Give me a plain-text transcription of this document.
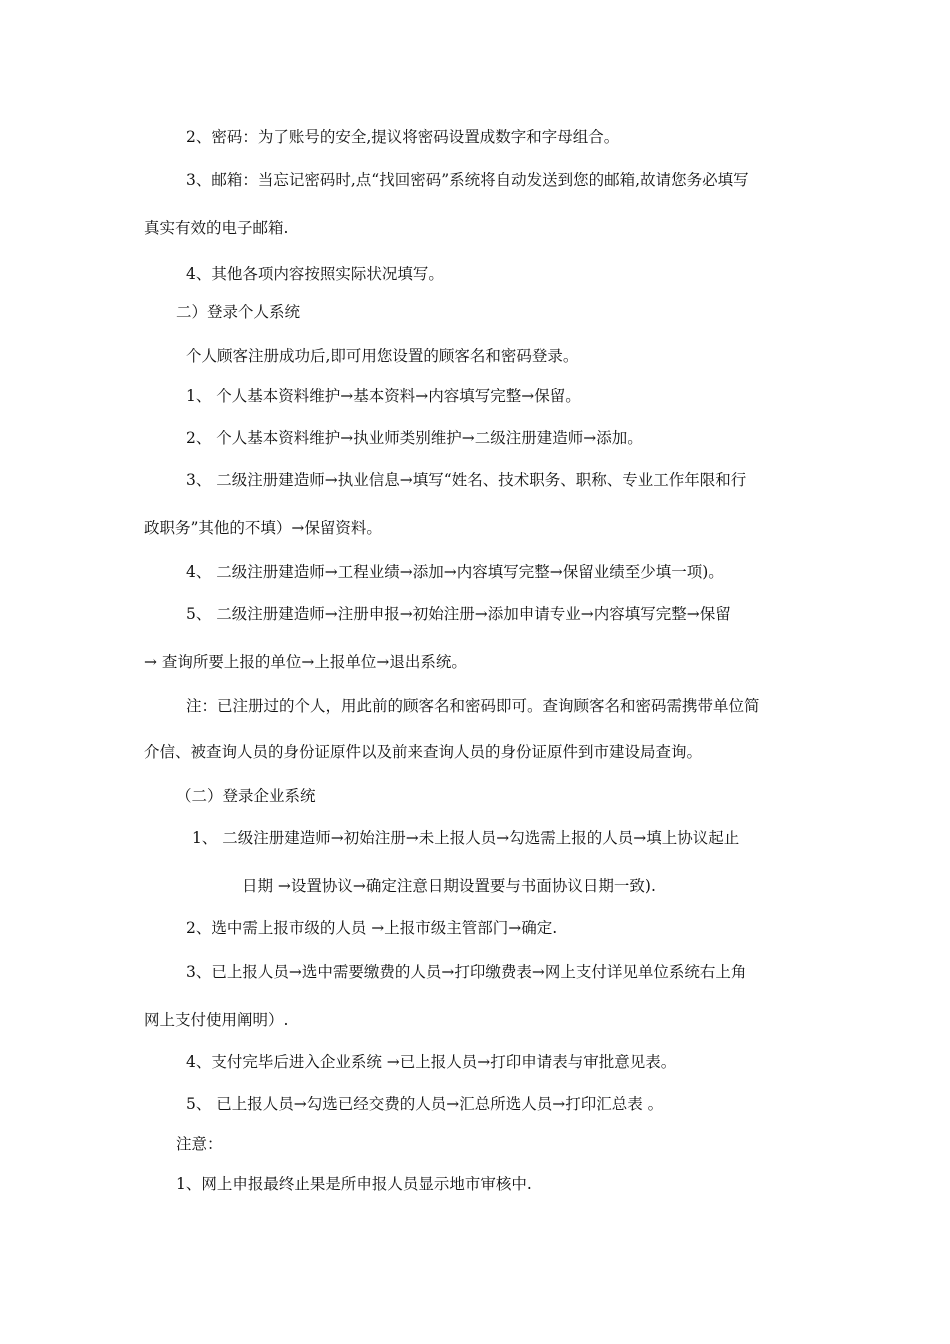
2、密码：为了账号的安全,提议将密码设置成数字和字母组合。
3、邮箱：当忘记密码时,点“找回密码”系统将自动发送到您的邮箱,故请您务必填写
真实有效的电子邮箱.
4、其他各项内容按照实际状况填写。
二）登录个人系统
个人顾客注册成功后,即可用您设置的顾客名和密码登录。
1、 个人基本资料维护→基本资料→内容填写完整→保留。
2、 个人基本资料维护→执业师类别维护→二级注册建造师→添加。
3、 二级注册建造师→执业信息→填写“姓名、技术职务、职称、专业工作年限和行
政职务”其他的不填）→保留资料。
4、 二级注册建造师→工程业绩→添加→内容填写完整→保留业绩至少填一项)。
5、 二级注册建造师→注册申报→初始注册→添加申请专业→内容填写完整→保留
→ 查询所要上报的单位→上报单位→退出系统。
注：已注册过的个人，用此前的顾客名和密码即可。查询顾客名和密码需携带单位简
介信、被查询人员的身份证原件以及前来查询人员的身份证原件到市建设局查询。
（二）登录企业系统
1、 二级注册建造师→初始注册→未上报人员→勾选需上报的人员→填上协议起止
日期 →设置协议→确定注意日期设置要与书面协议日期一致).
2、选中需上报市级的人员 →上报市级主管部门→确定.
3、已上报人员→选中需要缴费的人员→打印缴费表→网上支付详见单位系统右上角
网上支付使用阐明）.
4、支付完毕后进入企业系统 →已上报人员→打印申请表与审批意见表。
5、 已上报人员→勾选已经交费的人员→汇总所选人员→打印汇总表 。
注意：
1、网上申报最终止果是所申报人员显示地市审核中.
